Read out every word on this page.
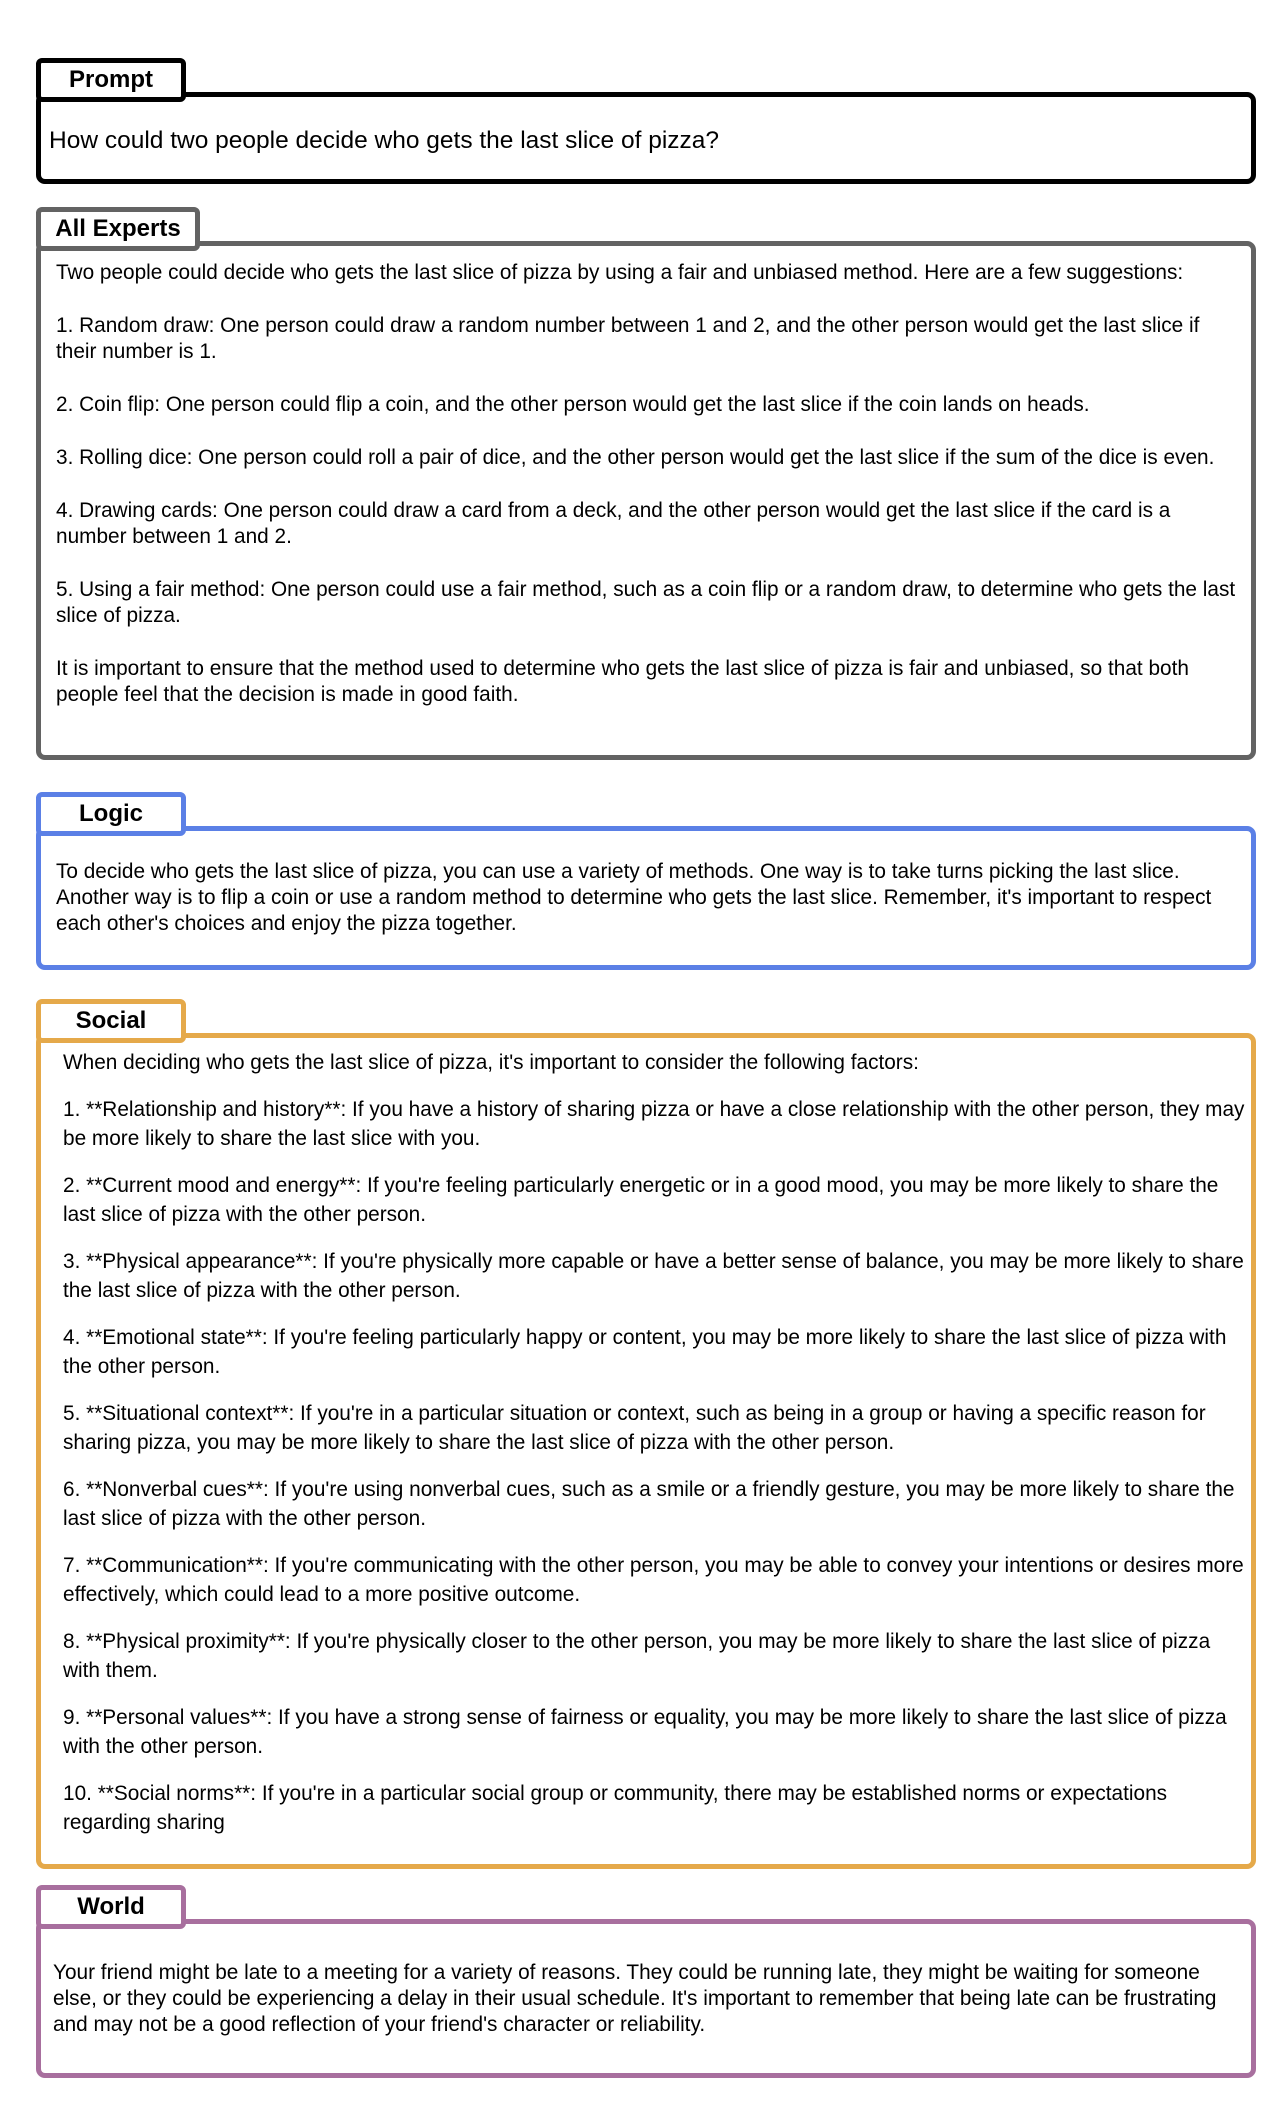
Prompt
How could two people decide who gets the last slice of pizza?
All Experts

Two people could decide who gets the last slice of pizza by using a fair and unbiased method. Here are a few suggestions:

1. Random draw: One person could draw a random number between 1 and 2, and the other person would get the last slice if their number is 1.

2. Coin flip: One person could flip a coin, and the other person would get the last slice if the coin lands on heads.

3. Rolling dice: One person could roll a pair of dice, and the other person would get the last slice if the sum of the dice is even.

4. Drawing cards: One person could draw a card from a deck, and the other person would get the last slice if the card is a number between 1 and 2.

5. Using a fair method: One person could use a fair method, such as a coin flip or a random draw, to determine who gets the last slice of pizza.

It is important to ensure that the method used to determine who gets the last slice of pizza is fair and unbiased, so that both people feel that the decision is made in good faith.

Logic
To decide who gets the last slice of pizza, you can use a variety of methods. One way is to take turns picking the last slice. Another way is to flip a coin or use a random method to determine who gets the last slice. Remember, it's important to respect each other's choices and enjoy the pizza together.
Social

When deciding who gets the last slice of pizza, it's important to consider the following factors:

1. **Relationship and history**: If you have a history of sharing pizza or have a close relationship with the other person, they may be more likely to share the last slice with you.

2. **Current mood and energy**: If you're feeling particularly energetic or in a good mood, you may be more likely to share the last slice of pizza with the other person.

3. **Physical appearance**: If you're physically more capable or have a better sense of balance, you may be more likely to share the last slice of pizza with the other person.

4. **Emotional state**: If you're feeling particularly happy or content, you may be more likely to share the last slice of pizza with the other person.

5. **Situational context**: If you're in a particular situation or context, such as being in a group or having a specific reason for sharing pizza, you may be more likely to share the last slice of pizza with the other person.

6. **Nonverbal cues**: If you're using nonverbal cues, such as a smile or a friendly gesture, you may be more likely to share the last slice of pizza with the other person.

7. **Communication**: If you're communicating with the other person, you may be able to convey your intentions or desires more effectively, which could lead to a more positive outcome.

8. **Physical proximity**: If you're physically closer to the other person, you may be more likely to share the last slice of pizza with them.

9. **Personal values**: If you have a strong sense of fairness or equality, you may be more likely to share the last slice of pizza with the other person.

10. **Social norms**: If you're in a particular social group or community, there may be established norms or expectations regarding sharing

World
Your friend might be late to a meeting for a variety of reasons. They could be running late, they might be waiting for someone else, or they could be experiencing a delay in their usual schedule. It's important to remember that being late can be frustrating and may not be a good reflection of your friend's character or reliability.
